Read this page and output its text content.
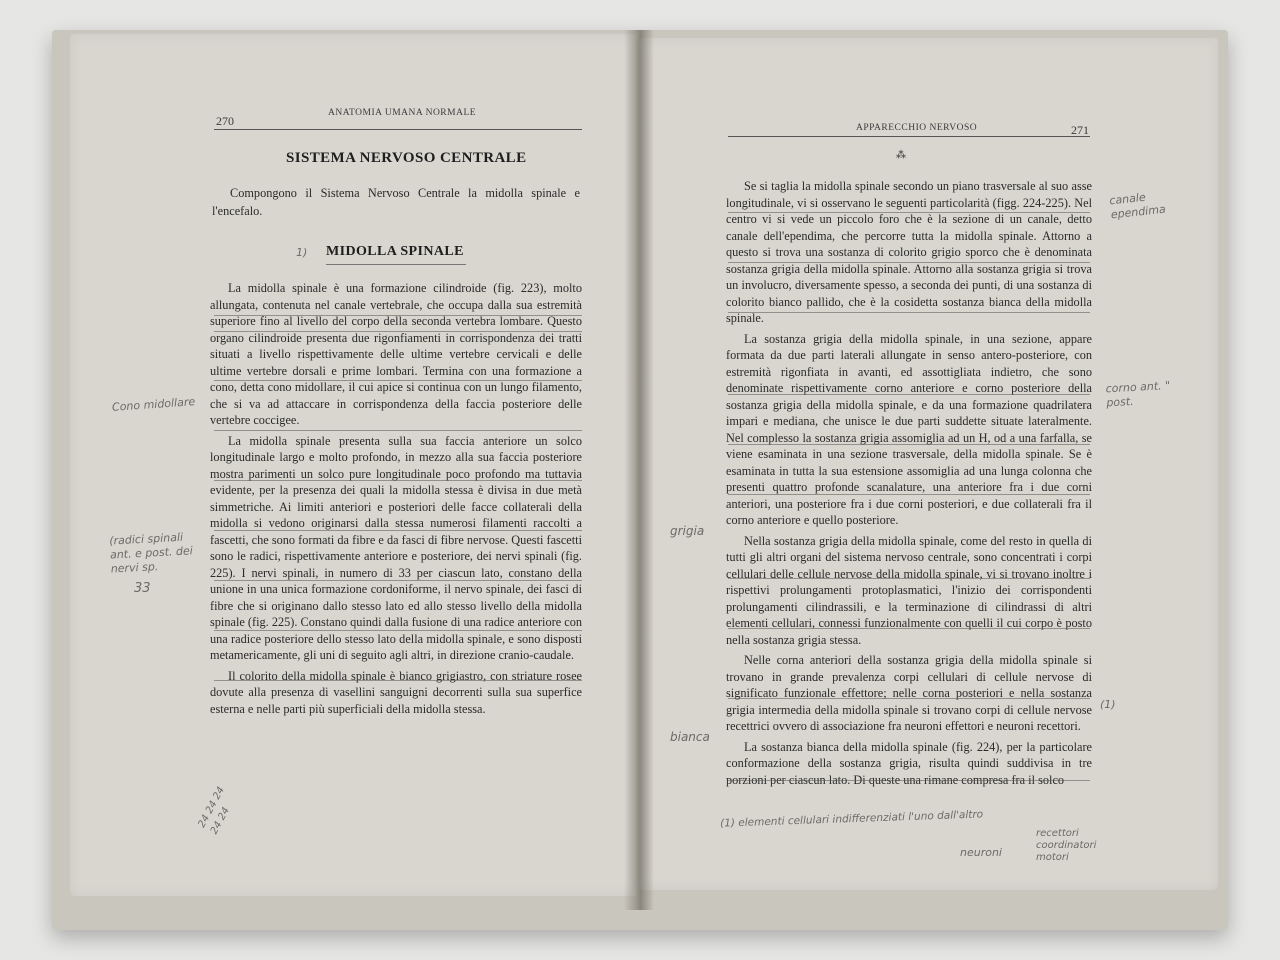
270
ANATOMIA UMANA NORMALE
SISTEMA NERVOSO CENTRALE
Compongono il Sistema Nervoso Centrale la midolla spinale e l'encefalo.
1) MIDOLLA SPINALE

La midolla spinale è una formazione cilindroide (fig. 223), molto allungata, contenuta nel canale vertebrale, che occupa dalla sua estremità superiore fino al livello del corpo della seconda vertebra lombare. Questo organo cilindroide presenta due rigonfiamenti in corrispondenza dei tratti situati a livello rispettivamente delle ultime vertebre cervicali e delle ultime vertebre dorsali e prime lombari. Termina con una formazione a cono, detta cono midollare, il cui apice si continua con un lungo filamento, che si va ad attaccare in corrispondenza della faccia posteriore delle vertebre coccigee.

La midolla spinale presenta sulla sua faccia anteriore un solco longitudinale largo e molto profondo, in mezzo alla sua faccia posteriore mostra parimenti un solco pure longitudinale poco profondo ma tuttavia evidente, per la presenza dei quali la midolla stessa è divisa in due metà simmetriche. Ai limiti anteriori e posteriori delle facce collaterali della midolla si vedono originarsi dalla stessa numerosi filamenti raccolti a fascetti, che sono formati da fibre e da fasci di fibre nervose. Questi fascetti sono le radici, rispettivamente anteriore e posteriore, dei nervi spinali (fig. 225). I nervi spinali, in numero di 33 per ciascun lato, constano della unione in una unica formazione cordoniforme, il nervo spinale, dei fasci di fibre che si originano dallo stesso lato ed allo stesso livello della midolla spinale (fig. 225). Constano quindi dalla fusione di una radice anteriore con una radice posteriore dello stesso lato della midolla spinale, e sono disposti metamericamente, gli uni di seguito agli altri, in direzione cranio-caudale.

Il colorito della midolla spinale è bianco grigiastro, con striature rosee dovute alla presenza di vasellini sanguigni decorrenti sulla sua superfice esterna e nelle parti più superficiali della midolla stessa.

Cono midollare
(radici spinali ant. e post. dei nervi sp.
33
24 24 24 24 24
APPARECCHIO NERVOSO	271
⁂

Se si taglia la midolla spinale secondo un piano trasversale al suo asse longitudinale, vi si osservano le seguenti particolarità (figg. 224-225). Nel centro vi si vede un piccolo foro che è la sezione di un canale, detto canale dell'ependima, che percorre tutta la midolla spinale. Attorno a questo si trova una sostanza di colorito grigio sporco che è denominata sostanza grigia della midolla spinale. Attorno alla sostanza grigia si trova un involucro, diversamente spesso, a seconda dei punti, di una sostanza di colorito bianco pallido, che è la cosidetta sostanza bianca della midolla spinale.

La sostanza grigia della midolla spinale, in una sezione, appare formata da due parti laterali allungate in senso antero-posteriore, con estremità rigonfiata in avanti, ed assottigliata indietro, che sono denominate rispettivamente corno anteriore e corno posteriore della sostanza grigia della midolla spinale, e da una formazione quadrilatera impari e mediana, che unisce le due parti suddette situate lateralmente. Nel complesso la sostanza grigia assomiglia ad un H, od a una farfalla, se viene esaminata in una sezione trasversale, della midolla spinale. Se è esaminata in tutta la sua estensione assomiglia ad una lunga colonna che presenti quattro profonde scanalature, una anteriore fra i due corni anteriori, una posteriore fra i due corni posteriori, e due collaterali fra il corno anteriore e quello posteriore.

Nella sostanza grigia della midolla spinale, come del resto in quella di tutti gli altri organi del sistema nervoso centrale, sono concentrati i corpi cellulari delle cellule nervose della midolla spinale, vi si trovano inoltre i rispettivi prolungamenti protoplasmatici, l'inizio dei corrispondenti prolungamenti cilindrassili, e la terminazione di cilindrassi di altri elementi cellulari, connessi funzionalmente con quelli il cui corpo è posto nella sostanza grigia stessa.

Nelle corna anteriori della sostanza grigia della midolla spinale si trovano in grande prevalenza corpi cellulari di cellule nervose di significato funzionale effettore; nelle corna posteriori e nella sostanza grigia intermedia della midolla spinale si trovano corpi di cellule nervose recettrici ovvero di associazione fra neuroni effettori e neuroni recettori.

La sostanza bianca della midolla spinale (fig. 224), per la particolare conformazione della sostanza grigia, risulta quindi suddivisa in tre porzioni per ciascun lato. Di queste una rimane compresa fra il solco

canale ependima
corno ant. " post.
grigia
bianca
(1)
(1) elementi cellulari indifferenziati l'uno dall'altro
neuroni
recettori coordinatori motori
